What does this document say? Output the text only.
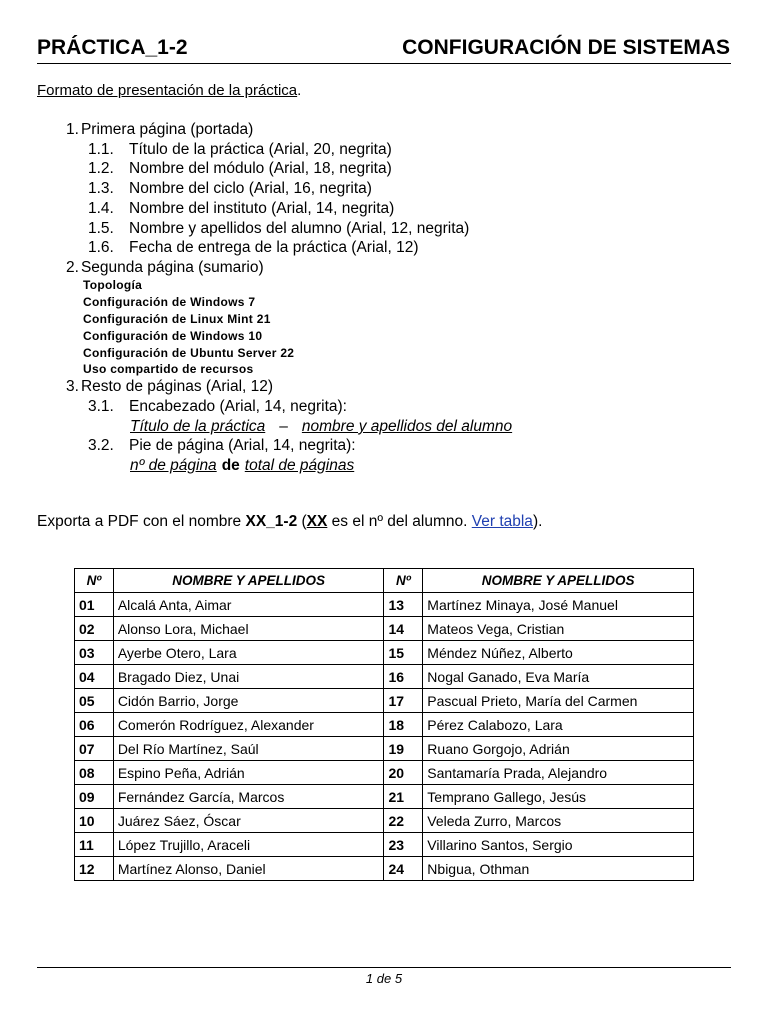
PRÁCTICA_1-2	CONFIGURACIÓN DE SISTEMAS
Formato de presentación de la práctica.
1. Primera página (portada)
1.1. Título de la práctica (Arial, 20, negrita)
1.2. Nombre del módulo (Arial, 18, negrita)
1.3. Nombre del ciclo (Arial, 16, negrita)
1.4. Nombre del instituto (Arial, 14, negrita)
1.5. Nombre y apellidos del alumno (Arial, 12, negrita)
1.6. Fecha de entrega de la práctica (Arial, 12)
2. Segunda página (sumario)
Topología
Configuración de Windows 7
Configuración de Linux Mint 21
Configuración de Windows 10
Configuración de Ubuntu Server 22
Uso compartido de recursos
3. Resto de páginas (Arial, 12)
3.1. Encabezado (Arial, 14, negrita):
Título de la práctica – nombre y apellidos del alumno
3.2. Pie de página (Arial, 14, negrita):
nº de página de total de páginas
Exporta a PDF con el nombre XX_1-2 (XX es el nº del alumno. Ver tabla).
Nº	NOMBRE Y APELLIDOS	Nº	NOMBRE Y APELLIDOS
01	Alcalá Anta, Aimar	13	Martínez Minaya, José Manuel
02	Alonso Lora, Michael	14	Mateos Vega, Cristian
03	Ayerbe Otero, Lara	15	Méndez Núñez, Alberto
04	Bragado Diez, Unai	16	Nogal Ganado, Eva María
05	Cidón Barrio, Jorge	17	Pascual Prieto, María del Carmen
06	Comerón Rodríguez, Alexander	18	Pérez Calabozo, Lara
07	Del Río Martínez, Saúl	19	Ruano Gorgojo, Adrián
08	Espino Peña, Adrián	20	Santamaría Prada, Alejandro
09	Fernández García, Marcos	21	Temprano Gallego, Jesús
10	Juárez Sáez, Óscar	22	Veleda Zurro, Marcos
11	López Trujillo, Araceli	23	Villarino Santos, Sergio
12	Martínez Alonso, Daniel	24	Nbigua, Othman
1 de 5
